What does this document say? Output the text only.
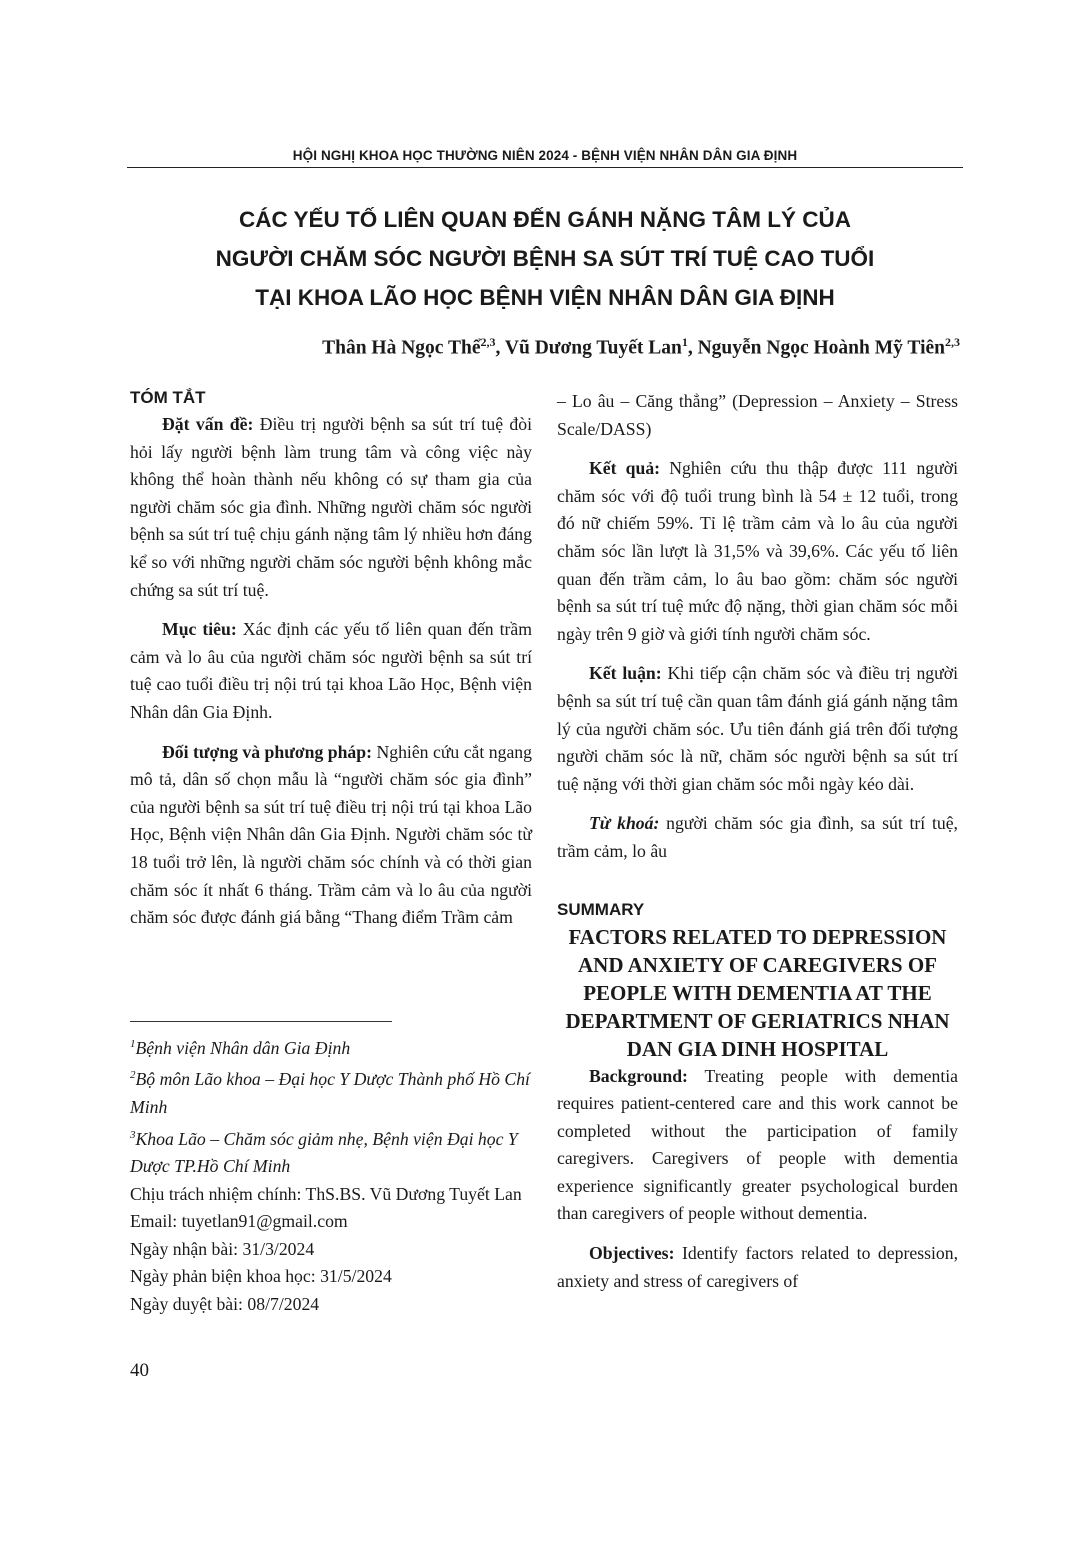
HỘI NGHỊ KHOA HỌC THƯỜNG NIÊN 2024 - BỆNH VIỆN NHÂN DÂN GIA ĐỊNH
CÁC YẾU TỐ LIÊN QUAN ĐẾN GÁNH NẶNG TÂM LÝ CỦA
NGƯỜI CHĂM SÓC NGƯỜI BỆNH SA SÚT TRÍ TUỆ CAO TUỔI
TẠI KHOA LÃO HỌC BỆNH VIỆN NHÂN DÂN GIA ĐỊNH
Thân Hà Ngọc Thể$^{2,3}$, Vũ Dương Tuyết Lan$^1$, Nguyễn Ngọc Hoành Mỹ Tiên$^{2,3}$
TÓM TẮT

Đặt vấn đề: Điều trị người bệnh sa sút trí tuệ đòi hỏi lấy người bệnh làm trung tâm và công việc này không thể hoàn thành nếu không có sự tham gia của người chăm sóc gia đình. Những người chăm sóc người bệnh sa sút trí tuệ chịu gánh nặng tâm lý nhiều hơn đáng kể so với những người chăm sóc người bệnh không mắc chứng sa sút trí tuệ.

Mục tiêu: Xác định các yếu tố liên quan đến trầm cảm và lo âu của người chăm sóc người bệnh sa sút trí tuệ cao tuổi điều trị nội trú tại khoa Lão Học, Bệnh viện Nhân dân Gia Định.

Đối tượng và phương pháp: Nghiên cứu cắt ngang mô tả, dân số chọn mẫu là “người chăm sóc gia đình” của người bệnh sa sút trí tuệ điều trị nội trú tại khoa Lão Học, Bệnh viện Nhân dân Gia Định. Người chăm sóc từ 18 tuổi trở lên, là người chăm sóc chính và có thời gian chăm sóc ít nhất 6 tháng. Trầm cảm và lo âu của người chăm sóc được đánh giá bằng “Thang điểm Trầm cảm

$^1$Bệnh viện Nhân dân Gia Định

$^2$Bộ môn Lão khoa – Đại học Y Dược Thành phố Hồ Chí Minh

$^3$Khoa Lão – Chăm sóc giảm nhẹ, Bệnh viện Đại học Y Dược TP.Hồ Chí Minh

Chịu trách nhiệm chính: ThS.BS. Vũ Dương Tuyết Lan

Email: tuyetlan91@gmail.com

Ngày nhận bài: 31/3/2024

Ngày phản biện khoa học: 31/5/2024

Ngày duyệt bài: 08/7/2024

– Lo âu – Căng thẳng” (Depression – Anxiety – Stress Scale/DASS)

Kết quả: Nghiên cứu thu thập được 111 người chăm sóc với độ tuổi trung bình là 54 ± 12 tuổi, trong đó nữ chiếm 59%. Tỉ lệ trầm cảm và lo âu của người chăm sóc lần lượt là 31,5% và 39,6%. Các yếu tố liên quan đến trầm cảm, lo âu bao gồm: chăm sóc người bệnh sa sút trí tuệ mức độ nặng, thời gian chăm sóc mỗi ngày trên 9 giờ và giới tính người chăm sóc.

Kết luận: Khi tiếp cận chăm sóc và điều trị người bệnh sa sút trí tuệ cần quan tâm đánh giá gánh nặng tâm lý của người chăm sóc. Ưu tiên đánh giá trên đối tượng người chăm sóc là nữ, chăm sóc người bệnh sa sút trí tuệ nặng với thời gian chăm sóc mỗi ngày kéo dài.

Từ khoá: người chăm sóc gia đình, sa sút trí tuệ, trầm cảm, lo âu

SUMMARY

FACTORS RELATED TO DEPRESSION AND ANXIETY OF CAREGIVERS OF PEOPLE WITH DEMENTIA AT THE DEPARTMENT OF GERIATRICS NHAN DAN GIA DINH HOSPITAL

Background: Treating people with dementia requires patient-centered care and this work cannot be completed without the participation of family caregivers. Caregivers of people with dementia experience significantly greater psychological burden than caregivers of people without dementia.

Objectives: Identify factors related to depression, anxiety and stress of caregivers of

40
